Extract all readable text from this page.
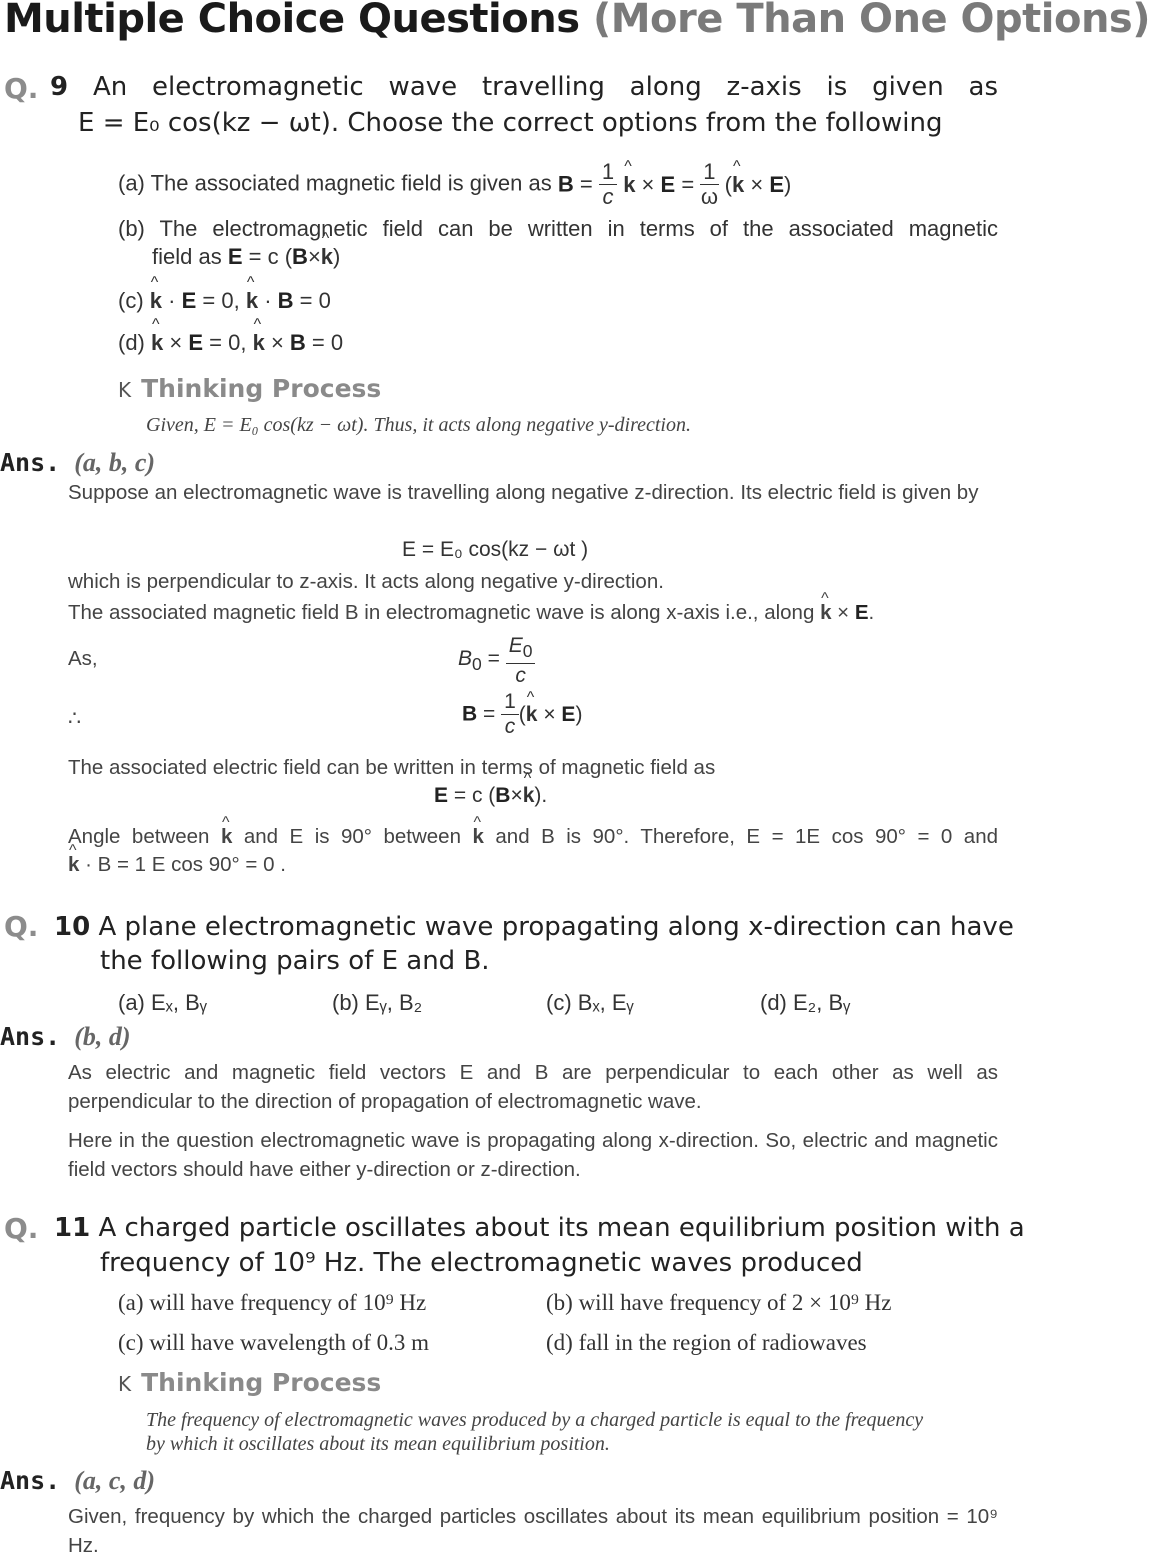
Multiple Choice Questions (More Than One Options)
Q. 9 An electromagnetic wave travelling along z-axis is given as
E = E₀ cos(kz − ωt). Choose the correct options from the following
(a) The associated magnetic field is given as $B = \frac{1}{c}$ ^ $k \times E = \frac{1}{\omega}$ (^ k × E)
(b) The electromagnetic field can be written in terms of the associated magnetic
field as E = c (B×^ k)
(c) ^ k · E = 0, ^ k · B = 0
(d) ^ k × E = 0, ^ k × B = 0
K Thinking Process
Given, E = E₀ cos(kz − ωt). Thus, it acts along negative y-direction.
Ans. (a, b, c)
Suppose an electromagnetic wave is travelling along negative z-direction. Its electric field is given by
E = E₀ cos(kz − ωt )
which is perpendicular to z-axis. It acts along negative y-direction.
The associated magnetic field B in electromagnetic wave is along x-axis i.e., along ^ k × E.
As,	$B_0 = \frac{E_0}{c}$
∴	$B = \frac{1}{c}$ (^ k × E)
The associated electric field can be written in terms of magnetic field as
E = c (B×^ k).
Angle between ^ k and E is 90° between ^ k and B is 90°. Therefore, E = 1E cos 90° = 0 and
^ k · B = 1 E cos 90° = 0 .
Q. 10 A plane electromagnetic wave propagating along x-direction can have
the following pairs of E and B.
(a) Eₓ, Bᵧ	(b) Eᵧ, B₂	(c) Bₓ, Eᵧ	(d) E₂, Bᵧ
Ans. (b, d)
As electric and magnetic field vectors E and B are perpendicular to each other as well as perpendicular to the direction of propagation of electromagnetic wave.
Here in the question electromagnetic wave is propagating along x-direction. So, electric and magnetic field vectors should have either y-direction or z-direction.
Q. 11 A charged particle oscillates about its mean equilibrium position with a
frequency of 10⁹ Hz. The electromagnetic waves produced
(a) will have frequency of 10⁹ Hz	(b) will have frequency of 2 × 10⁹ Hz
(c) will have wavelength of 0.3 m	(d) fall in the region of radiowaves
K Thinking Process
The frequency of electromagnetic waves produced by a charged particle is equal to the frequency by which it oscillates about its mean equilibrium position.
Ans. (a, c, d)
Given, frequency by which the charged particles oscillates about its mean equilibrium position = 10⁹ Hz.
